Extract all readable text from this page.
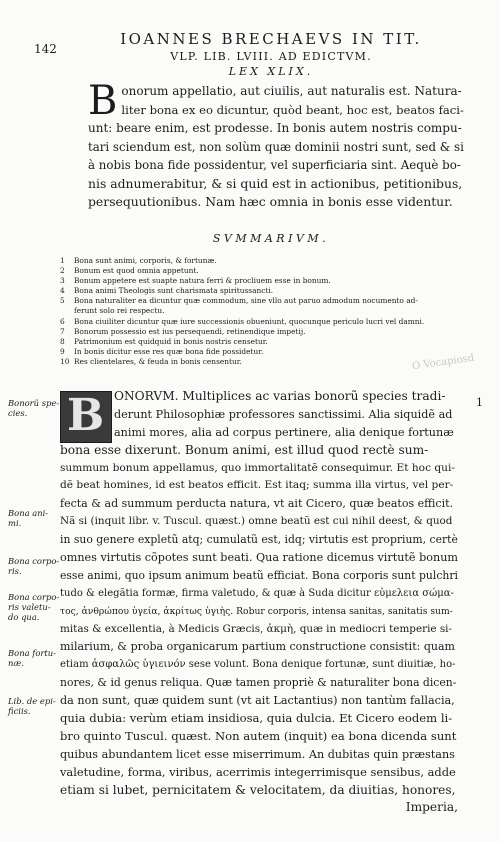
142
IOANNES BRECHAEVS IN TIT.
VLP. LIB. LVIII. AD EDICTVM.
LEX XLIX.
B onorum appellatio, aut ciuilis, aut naturalis est. Natura-
liter bona ex eo dicuntur, quòd beant, hoc est, beatos faci-
unt: beare enim, est prodesse. In bonis autem nostris compu-
tari sciendum est, non solùm quæ dominii nostri sunt, sed & si
à nobis bona fide possidentur, vel superficiaria sint. Aequè bo-
nis adnumerabitur, & si quid est in actionibus, petitionibus,
persequutionibus. Nam hæc omnia in bonis esse videntur.
SVMMARIVM.
1	Bona sunt animi, corporis, & fortunæ.
2	Bonum est quod omnia appetunt.
3	Bonum appetere est suapte natura ferri & procliuem esse in bonum.
4	Bona animi Theologis sunt charismata spiritussancti.
5	Bona naturaliter ea dicuntur quæ commodum, sine vllo aut paruo admodum nocumento ad-
ferunt solo rei respectu.
6	Bona ciuiliter dicuntur quæ iure successionis obueniunt, quocunque periculo lucri vel damni.
7	Bonorum possessio est ius persequendi, retinendique impetij.
8	Patrimonium est quidquid in bonis nostris censetur.
9	In bonis dicitur esse res quæ bona fide possidetur.
10 Res clientelares, & feuda in bonis censentur.	O Vocapiosd
Bonorũ spe- cies.
Bona ani- mi.
Bona corpo- ris.
Bona corpo- ris valetu- do qua.
Bona fortu- næ.
Lib. de epi- ficiis.
1
B ONORVM. Multiplices ac varias bonorũ species tradi-
derunt Philosophiæ professores sanctissimi. Alia siquidẽ ad
animi mores, alia ad corpus pertinere, alia denique fortunæ
bona esse dixerunt. Bonum animi, est illud quod rectè sum-
summum bonum appellamus, quo immortalitatẽ consequimur. Et hoc qui-
dẽ beat homines, id est beatos efficit. Est itaq; summa illa virtus, vel per-
fecta & ad summum perducta natura, vt ait Cicero, quæ beatos efficit.
Nã si (inquit libr. v. Tuscul. quæst.) omne beatũ est cui nihil deest, & quod
in suo genere expletũ atq; cumulatũ est, idq; virtutis est proprium, certè
omnes virtutis cõpotes sunt beati. Qua ratione dicemus virtutẽ bonum
esse animi, quo ipsum animum beatũ efficiat. Bona corporis sunt pulchri
tudo & elegãtia formæ, firma valetudo, & quæ à Suda dicitur εὐμελεια σώμα-
τος, ἀνθρώπου ὑγεία, ἀκρίτως ὑγιὴς. Robur corporis, intensa sanitas, sanitatis sum-
mitas & excellentia, à Medicis Græcis, ἀκμὴ, quæ in mediocri temperie si-
milarium, & proba organicarum partium constructione consistit: quam
etiam ἀσφαλῶς ὑγιεινόν sese volunt. Bona denique fortunæ, sunt diuitiæ, ho-
nores, & id genus reliqua. Quæ tamen propriè & naturaliter bona dicen-
da non sunt, quæ quidem sunt (vt ait Lactantius) non tantùm fallacia,
quia dubia: verùm etiam insidiosa, quia dulcia. Et Cicero eodem li-
bro quinto Tuscul. quæst. Non autem (inquit) ea bona dicenda sunt
quibus abundantem licet esse miserrimum. An dubitas quin præstans
valetudine, forma, viribus, acerrimis integerrimisque sensibus, adde
etiam si lubet, pernicitatem & velocitatem, da diuitias, honores,
Imperia,
